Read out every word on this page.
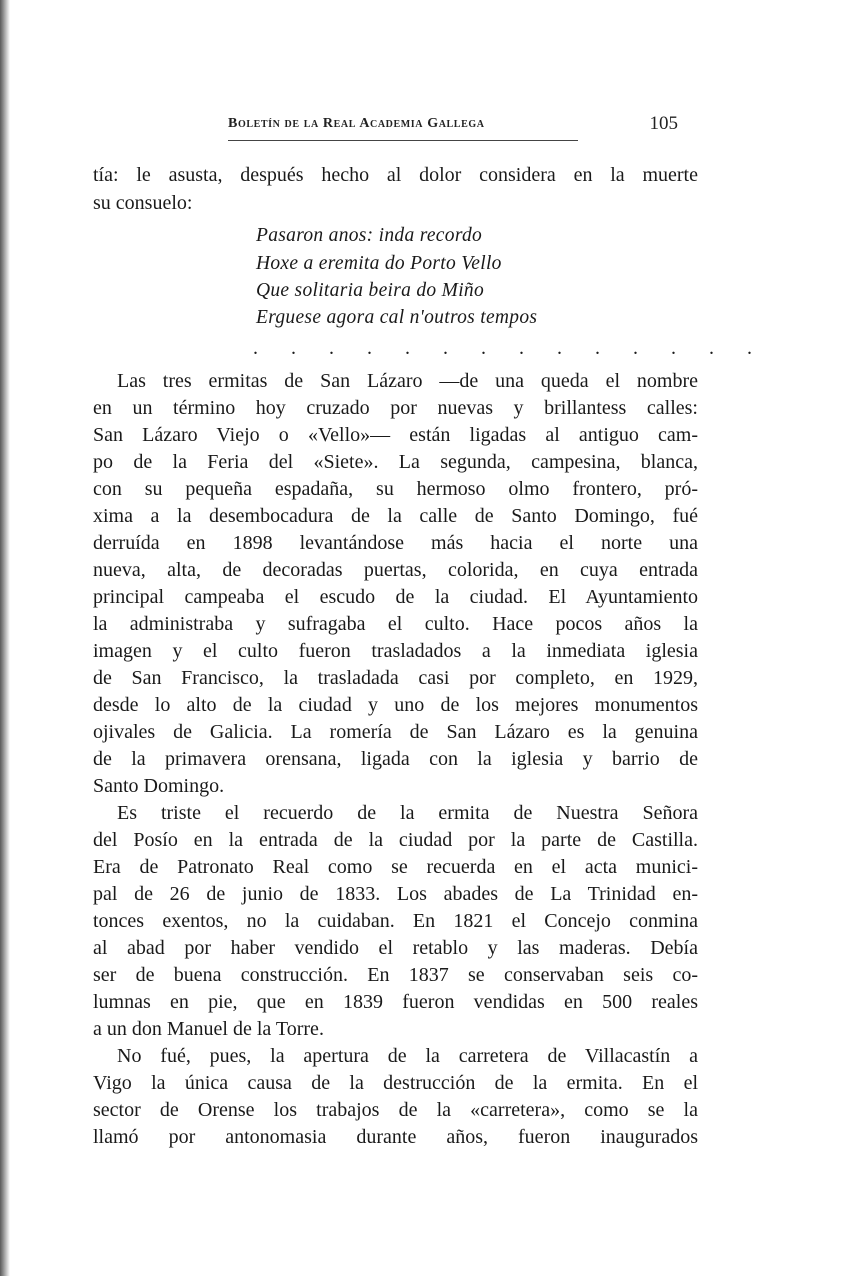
Boletín de la Real Academia Gallega	105
tía: le asusta, después hecho al dolor considera en la muerte
su consuelo:
Pasaron anos: inda recordo
Hoxe a eremita do Porto Vello
Que solitaria beira do Miño
Erguese agora cal n'outros tempos
. . . . . . . . . . . . . .
Las tres ermitas de San Lázaro —de una queda el nombre
en un término hoy cruzado por nuevas y brillantess calles:
San Lázaro Viejo o «Vello»— están ligadas al antiguo cam-
po de la Feria del «Siete». La segunda, campesina, blanca,
con su pequeña espadaña, su hermoso olmo frontero, pró-
xima a la desembocadura de la calle de Santo Domingo, fué
derruída en 1898 levantándose más hacia el norte una
nueva, alta, de decoradas puertas, colorida, en cuya entrada
principal campeaba el escudo de la ciudad. El Ayuntamiento
la administraba y sufragaba el culto. Hace pocos años la
imagen y el culto fueron trasladados a la inmediata iglesia
de San Francisco, la trasladada casi por completo, en 1929,
desde lo alto de la ciudad y uno de los mejores monumentos
ojivales de Galicia. La romería de San Lázaro es la genuina
de la primavera orensana, ligada con la iglesia y barrio de
Santo Domingo.
Es triste el recuerdo de la ermita de Nuestra Señora
del Posío en la entrada de la ciudad por la parte de Castilla.
Era de Patronato Real como se recuerda en el acta munici-
pal de 26 de junio de 1833. Los abades de La Trinidad en-
tonces exentos, no la cuidaban. En 1821 el Concejo conmina
al abad por haber vendido el retablo y las maderas. Debía
ser de buena construcción. En 1837 se conservaban seis co-
lumnas en pie, que en 1839 fueron vendidas en 500 reales
a un don Manuel de la Torre.
No fué, pues, la apertura de la carretera de Villacastín a
Vigo la única causa de la destrucción de la ermita. En el
sector de Orense los trabajos de la «carretera», como se la
llamó por antonomasia durante años, fueron inaugurados
